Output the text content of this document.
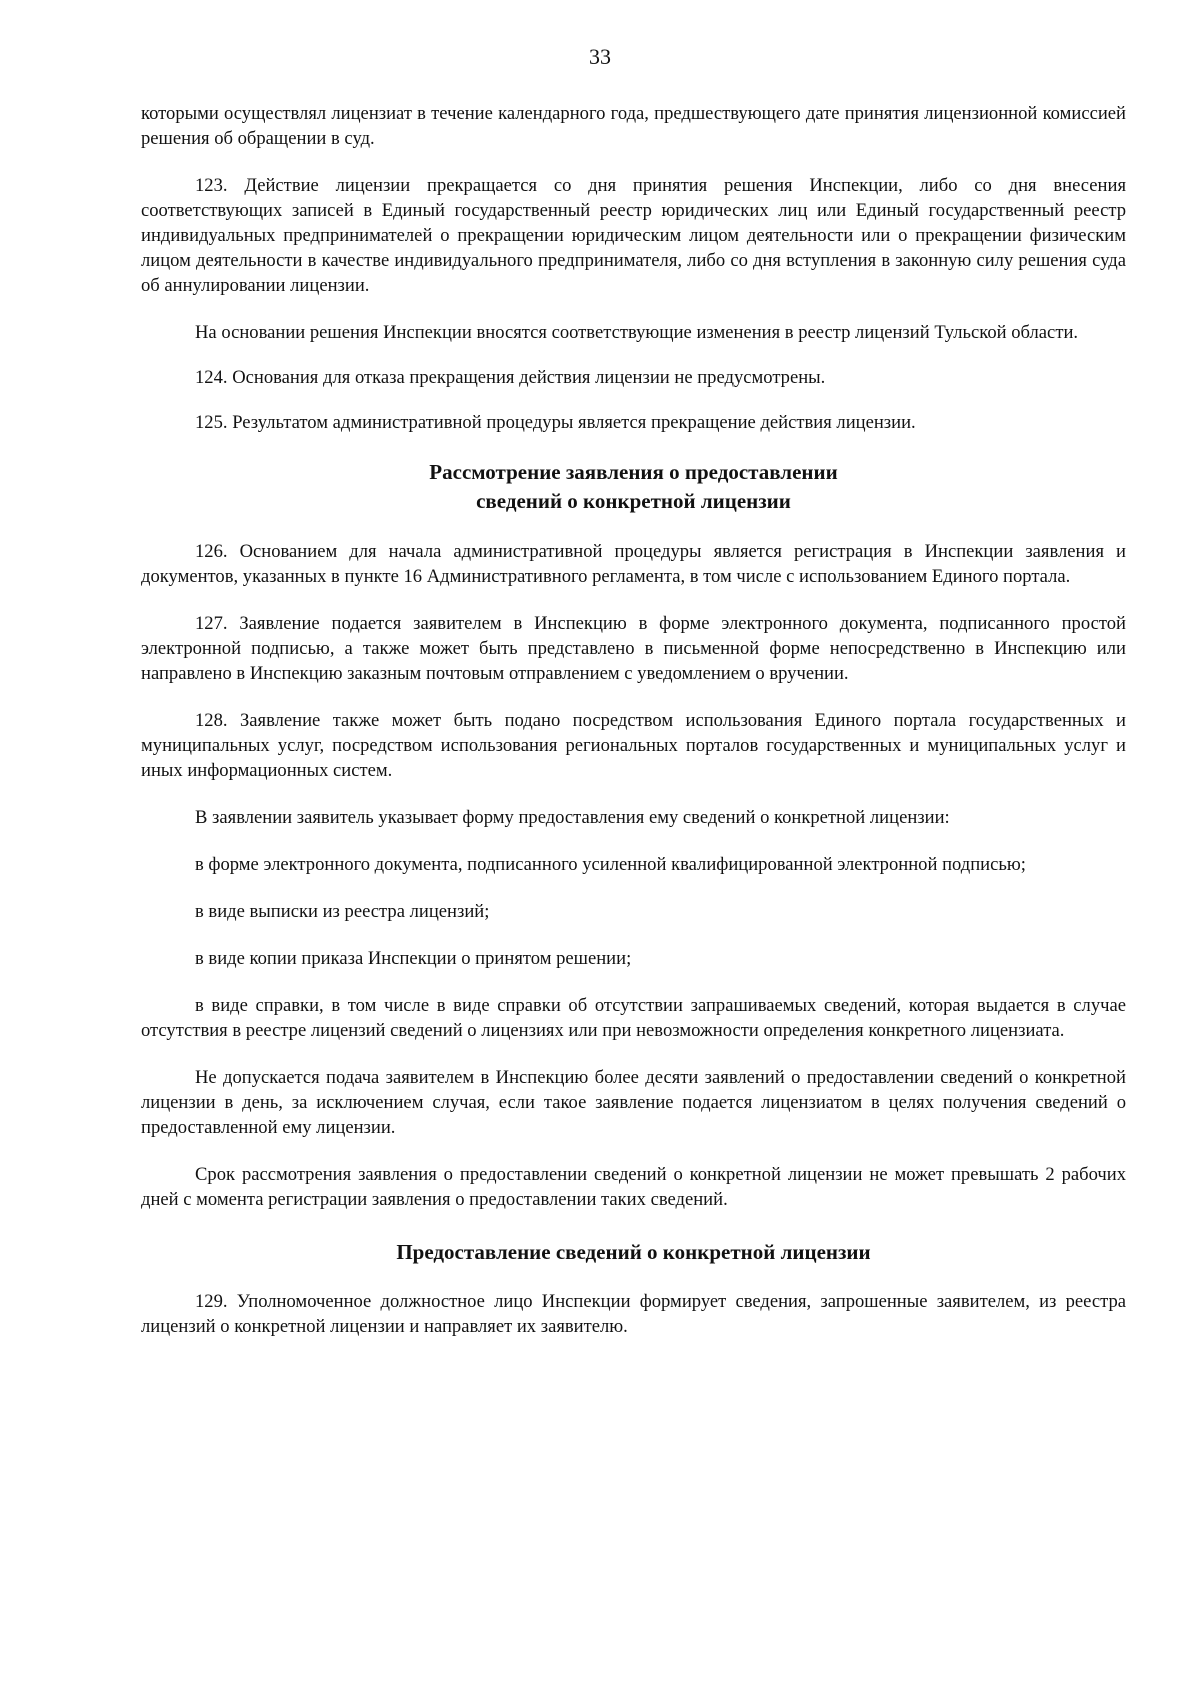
33

которыми осуществлял лицензиат в течение календарного года, предшествующего дате принятия лицензионной комиссией решения об обращении в суд.

123. Действие лицензии прекращается со дня принятия решения Инспекции, либо со дня внесения соответствующих записей в Единый государственный реестр юридических лиц или Единый государственный реестр индивидуальных предпринимателей о прекращении юридическим лицом деятельности или о прекращении физическим лицом деятельности в качестве индивидуального предпринимателя, либо со дня вступления в законную силу решения суда об аннулировании лицензии.

На основании решения Инспекции вносятся соответствующие изменения в реестр лицензий Тульской области.

124. Основания для отказа прекращения действия лицензии не предусмотрены.

125. Результатом административной процедуры является прекращение действия лицензии.

Рассмотрение заявления о предоставлении
сведений о конкретной лицензии

126. Основанием для начала административной процедуры является регистрация в Инспекции заявления и документов, указанных в пункте 16 Административного регламента, в том числе с использованием Единого портала.

127. Заявление подается заявителем в Инспекцию в форме электронного документа, подписанного простой электронной подписью, а также может быть представлено в письменной форме непосредственно в Инспекцию или направлено в Инспекцию заказным почтовым отправлением с уведомлением о вручении.

128. Заявление также может быть подано посредством использования Единого портала государственных и муниципальных услуг, посредством использования региональных порталов государственных и муниципальных услуг и иных информационных систем.

В заявлении заявитель указывает форму предоставления ему сведений о конкретной лицензии:

в форме электронного документа, подписанного усиленной квалифицированной электронной подписью;

в виде выписки из реестра лицензий;

в виде копии приказа Инспекции о принятом решении;

в виде справки, в том числе в виде справки об отсутствии запрашиваемых сведений, которая выдается в случае отсутствия в реестре лицензий сведений о лицензиях или при невозможности определения конкретного лицензиата.

Не допускается подача заявителем в Инспекцию более десяти заявлений о предоставлении сведений о конкретной лицензии в день, за исключением случая, если такое заявление подается лицензиатом в целях получения сведений о предоставленной ему лицензии.

Срок рассмотрения заявления о предоставлении сведений о конкретной лицензии не может превышать 2 рабочих дней с момента регистрации заявления о предоставлении таких сведений.

Предоставление сведений о конкретной лицензии

129. Уполномоченное должностное лицо Инспекции формирует сведения, запрошенные заявителем, из реестра лицензий о конкретной лицензии и направляет их заявителю.
